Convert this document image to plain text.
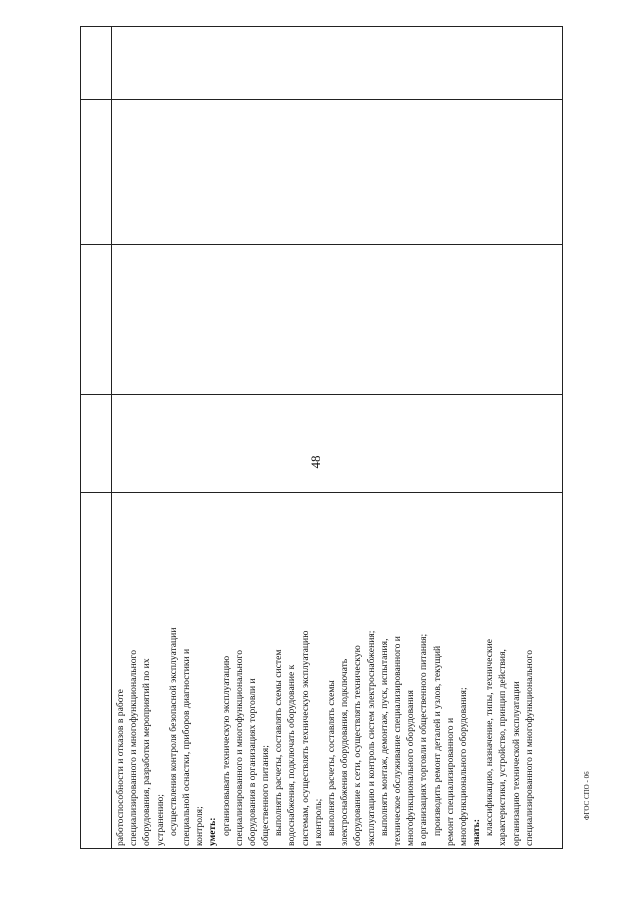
48
ФГОС СПО - 06
работоспособности и отказов в работе специализированного и многофункционального оборудования, разработки мероприятий по их устранению; осуществления контроля безопасной эксплуатации специальной оснастки, приборов диагностики и контроля; уметь: организовывать техническую эксплуатацию специализированного и многофункционального оборудования в организациях торговли и общественного питания; выполнять расчеты, составлять схемы систем водоснабжения, подключать оборудование к системам, осуществлять техническую эксплуатацию и контроль; выполнять расчеты, составлять схемы электроснабжения оборудования, подключать оборудование к сети, осуществлять техническую эксплуатацию и контроль систем электроснабжения; выполнять монтаж, демонтаж, пуск, испытания, техническое обслуживание специализированного и многофункционального оборудования в организациях торговли и общественного питания; производить ремонт деталей и узлов, текущий ремонт специализированного и многофункционального оборудования; знать: классификацию, назначение, типы, технические характеристики, устройство, принцип действия, организацию технической эксплуатации специализированного и многофункционального
